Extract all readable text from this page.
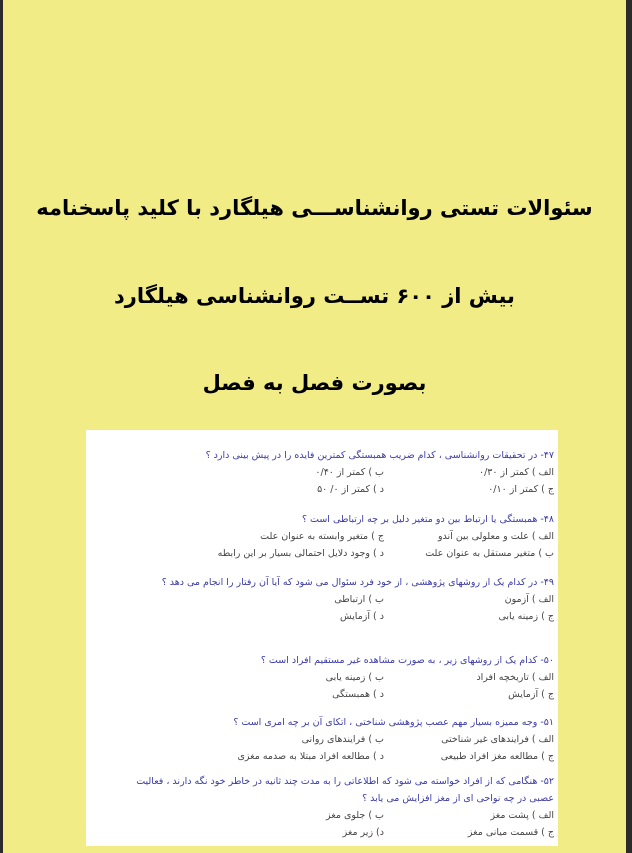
سئوالات تستی روانشناســـی هیلگارد با کلید پاسخنامه
بیش از ۶۰۰ تســت روانشناسی هیلگارد
بصورت فصل به فصل
۴۷- در تحقیقات روانشناسی ، کدام ضریب همبستگی کمترین فایده را در پیش بینی دارد ؟
الف ) کمتر از ۰/۳۰
ب ) کمتر از ۰/۴۰
ج ) کمتر از ۰/۱۰
د ) کمتر از ۰/ ۵۰
۴۸- همبستگی یا ارتباط بین دو متغیر دلیل بر چه ارتباطی است ؟
الف ) علت و معلولی بین آندو
ج ) متغیر وابسته به عنوان علت
ب ) متغیر مستقل به عنوان علت
د ) وجود دلایل احتمالی بسیار بر این رابطه
۴۹- در کدام یک از روشهای پژوهشی ، از خود فرد سئوال می شود که آیا آن رفتار را انجام می دهد ؟
الف ) آزمون
ب ) ارتباطی
ج ) زمینه یابی
د ) آزمایش
۵۰- کدام یک از روشهای زیر ، به صورت مشاهده غیر مستقیم افراد است ؟
الف ) تاریخچه افراد
ب ) زمینه یابی
ج ) آزمایش
د ) همبستگی
۵۱- وجه ممیزه بسیار مهم عصب پژوهشی شناختی ، اتکای آن بر چه امری است ؟
الف ) فرایندهای غیر شناختی
ب ) فرایندهای روانی
ج ) مطالعه مغز افراد طبیعی
د ) مطالعه افراد مبتلا به صدمه مغزی
۵۲- هنگامی که از افراد خواسته می شود که اطلاعاتی را به مدت چند ثانیه در خاطر خود نگه دارند ، فعالیت عصبی در چه نواحی ای از مغز افزایش می یابد ؟
الف ) پشت مغز
ب ) جلوی مغز
ج ) قسمت میانی مغز
د) زیر مغز
